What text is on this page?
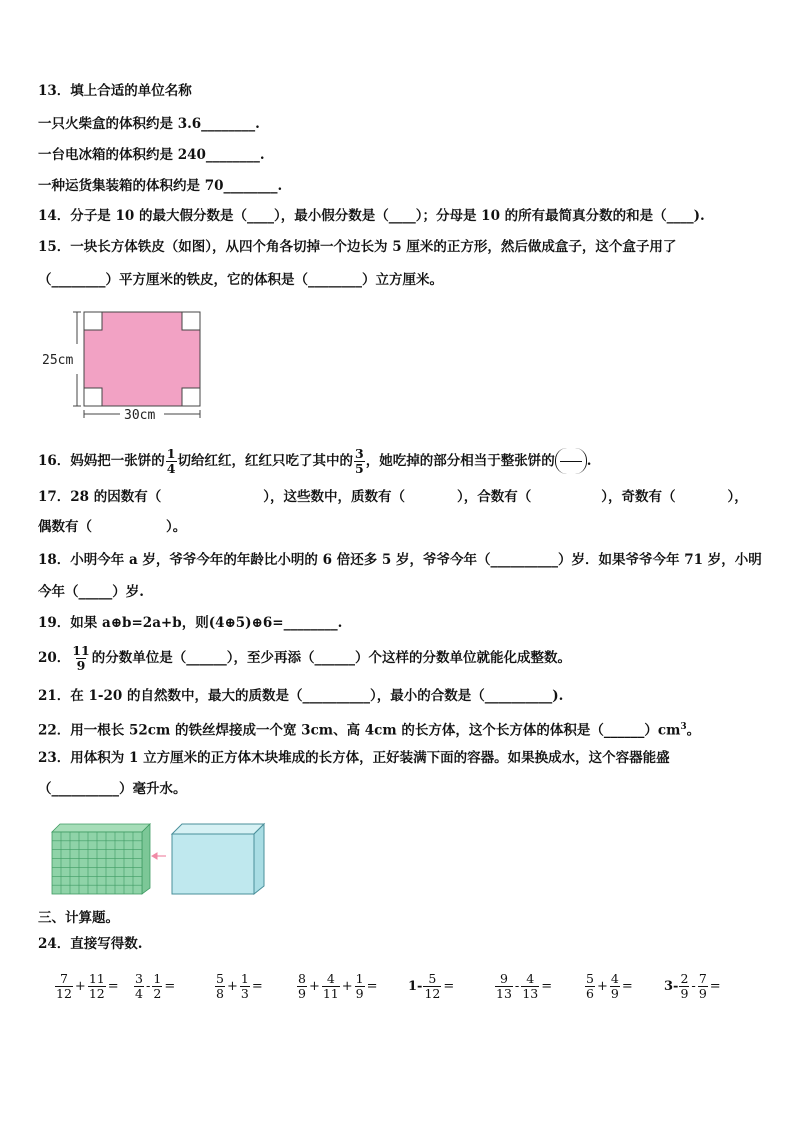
13．填上合适的单位名称
一只火柴盒的体积约是 3.6________.
一台电冰箱的体积约是 240________.
一种运货集装箱的体积约是 70________.
14．分子是 10 的最大假分数是（____），最小假分数是（____）；分母是 10 的所有最简真分数的和是（____).
15．一块长方体铁皮（如图），从四个角各切掉一个边长为 5 厘米的正方形，然后做成盒子，这个盒子用了
（________）平方厘米的铁皮，它的体积是（________）立方厘米。
25cm
30cm
16．妈妈把一张饼的 $\frac{1}{4}$ 切给红红，红红只吃了其中的 $\frac{3}{5}$ ，她吃掉的部分相当于整张饼的 .
17．28 的因数有（	），这些数中，质数有（	），合数有（	），奇数有（	），
偶数有（	）。
18．小明今年 a 岁，爷爷今年的年龄比小明的 6 倍还多 5 岁，爷爷今年（__________）岁．如果爷爷今年 71 岁，小明
今年（_____）岁.
19．如果 a⊕b=2a+b，则(4⊕5)⊕6=________.
20． $\frac{11}{9}$ 的分数单位是（______），至少再添（______）个这样的分数单位就能化成整数。
21．在 1-20 的自然数中，最大的质数是（__________），最小的合数是（__________).
22．用一根长 52cm 的铁丝焊接成一个宽 3cm、高 4cm 的长方体，这个长方体的体积是$(\_\_\_\_\_\_)cm^3$。
23．用体积为 1 立方厘米的正方体木块堆成的长方体，正好装满下面的容器。如果换成水，这个容器能盛
（__________）毫升水。
三、计算题。
24．直接写得数.
$\frac{7}{12} + \frac{11}{12} = \frac{3}{4} - \frac{1}{2}$ =	$\frac{5}{8} + \frac{1}{3}$ =	$\frac{8}{9} + \frac{4}{11} + \frac{1}{9} = 1- \frac{5}{12}$ =	$\frac{9}{13} - \frac{4}{13}$ =	$\frac{5}{6} + \frac{4}{9} = 3- \frac{2}{9} - \frac{7}{9}$ =
